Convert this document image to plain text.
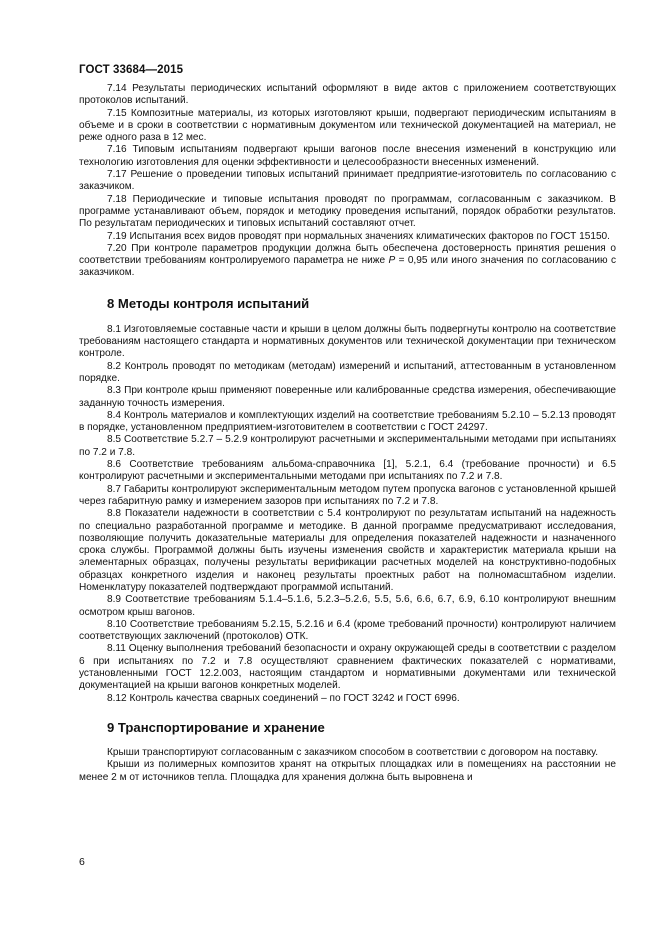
ГОСТ 33684—2015

7.14 Результаты периодических испытаний оформляют в виде актов с приложением соответствующих протоколов испытаний.

7.15 Композитные материалы, из которых изготовляют крыши, подвергают периодическим испытаниям в объеме и в сроки в соответствии с нормативным документом или технической документацией на материал, не реже одного раза в 12 мес.

7.16 Типовым испытаниям подвергают крыши вагонов после внесения изменений в конструкцию или технологию изготовления для оценки эффективности и целесообразности внесенных изменений.

7.17 Решение о проведении типовых испытаний принимает предприятие-изготовитель по согласованию с заказчиком.

7.18 Периодические и типовые испытания проводят по программам, согласованным с заказчиком. В программе устанавливают объем, порядок и методику проведения испытаний, порядок обработки результатов. По результатам периодических и типовых испытаний составляют отчет.

7.19 Испытания всех видов проводят при нормальных значениях климатических факторов по ГОСТ 15150.

7.20 При контроле параметров продукции должна быть обеспечена достоверность принятия решения о соответствии требованиям контролируемого параметра не ниже P = 0,95 или иного значения по согласованию с заказчиком.

8 Методы контроля испытаний

8.1 Изготовляемые составные части и крыши в целом должны быть подвергнуты контролю на соответствие требованиям настоящего стандарта и нормативных документов или технической документации при техническом контроле.

8.2 Контроль проводят по методикам (методам) измерений и испытаний, аттестованным в установленном порядке.

8.3 При контроле крыш применяют поверенные или калиброванные средства измерения, обеспечивающие заданную точность измерения.

8.4 Контроль материалов и комплектующих изделий на соответствие требованиям 5.2.10 – 5.2.13 проводят в порядке, установленном предприятием-изготовителем в соответствии с ГОСТ 24297.

8.5 Соответствие 5.2.7 – 5.2.9 контролируют расчетными и экспериментальными методами при испытаниях по 7.2 и 7.8.

8.6 Соответствие требованиям альбома-справочника [1], 5.2.1, 6.4 (требование прочности) и 6.5 контролируют расчетными и экспериментальными методами при испытаниях по 7.2 и 7.8.

8.7 Габариты контролируют экспериментальным методом путем пропуска вагонов с установленной крышей через габаритную рамку и измерением зазоров при испытаниях по 7.2 и 7.8.

8.8 Показатели надежности в соответствии с 5.4 контролируют по результатам испытаний на надежность по специально разработанной программе и методике. В данной программе предусматривают исследования, позволяющие получить доказательные материалы для определения показателей надежности и назначенного срока службы. Программой должны быть изучены изменения свойств и характеристик материала крыши на элементарных образцах, получены результаты верификации расчетных моделей на конструктивно-подобных образцах конкретного изделия и наконец результаты проектных работ на полномасштабном изделии. Номенклатуру показателей подтверждают программой испытаний.

8.9 Соответствие требованиям 5.1.4–5.1.6, 5.2.3–5.2.6, 5.5, 5.6, 6.6, 6.7, 6.9, 6.10 контролируют внешним осмотром крыш вагонов.

8.10 Соответствие требованиям 5.2.15, 5.2.16 и 6.4 (кроме требований прочности) контролируют наличием соответствующих заключений (протоколов) ОТК.

8.11 Оценку выполнения требований безопасности и охрану окружающей среды в соответствии с разделом 6 при испытаниях по 7.2 и 7.8 осуществляют сравнением фактических показателей с нормативами, установленными ГОСТ 12.2.003, настоящим стандартом и нормативными документами или технической документацией на крыши вагонов конкретных моделей.

8.12 Контроль качества сварных соединений – по ГОСТ 3242 и ГОСТ 6996.

9 Транспортирование и хранение

Крыши транспортируют согласованным с заказчиком способом в соответствии с договором на поставку.

Крыши из полимерных композитов хранят на открытых площадках или в помещениях на расстоянии не менее 2 м от источников тепла. Площадка для хранения должна быть выровнена и

6
